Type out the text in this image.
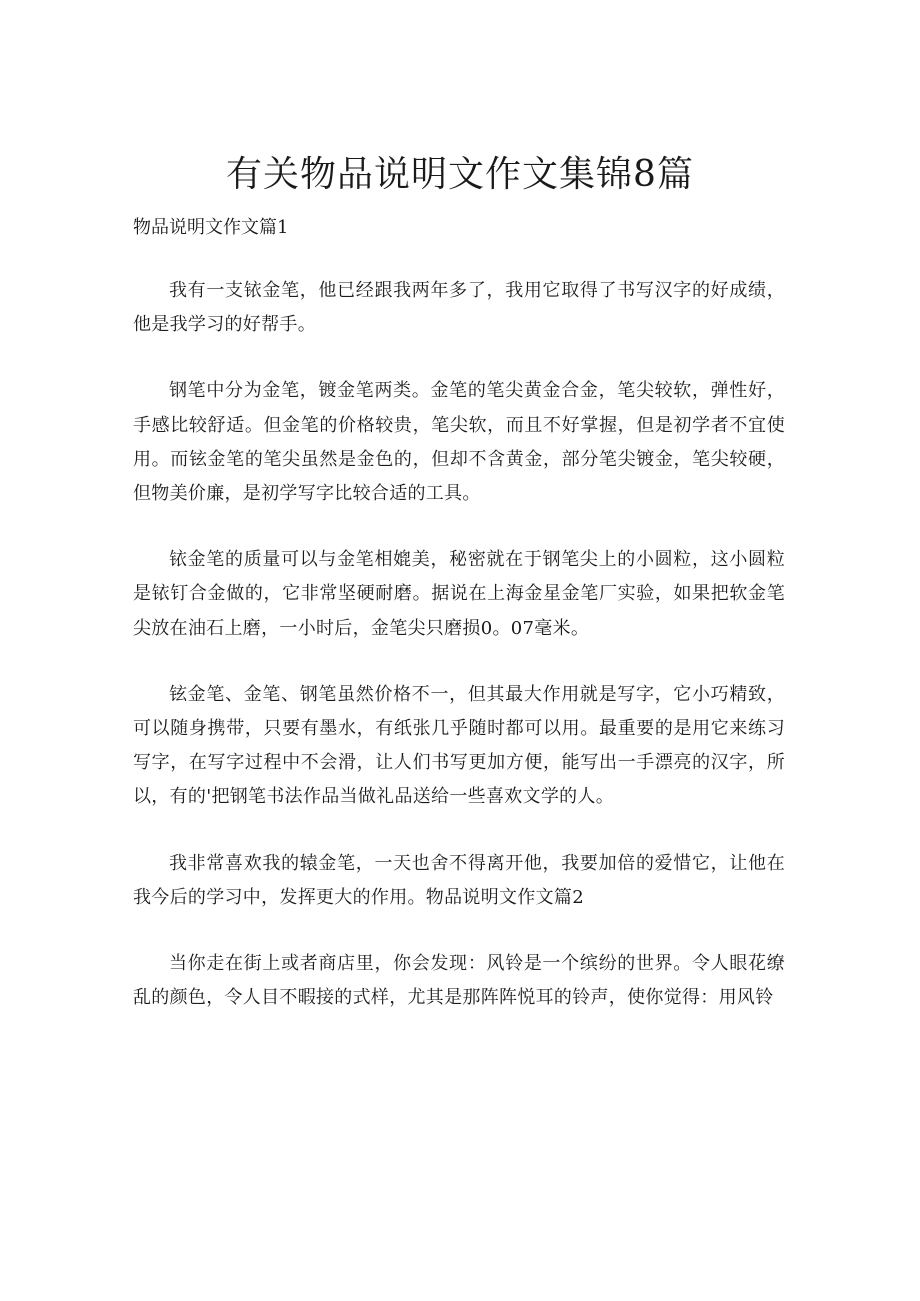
有关物品说明文作文集锦8篇
物品说明文作文篇1

我有一支铱金笔，他已经跟我两年多了，我用它取得了书写汉字的好成绩，他是我学习的好帮手。

钢笔中分为金笔，镀金笔两类。金笔的笔尖黄金合金，笔尖较软，弹性好，手感比较舒适。但金笔的价格较贵，笔尖软，而且不好掌握，但是初学者不宜使用。而铉金笔的笔尖虽然是金色的，但却不含黄金，部分笔尖镀金，笔尖较硬，但物美价廉，是初学写字比较合适的工具。

铱金笔的质量可以与金笔相媲美，秘密就在于钢笔尖上的小圆粒，这小圆粒是铱钉合金做的，它非常坚硬耐磨。据说在上海金星金笔厂实验，如果把软金笔尖放在油石上磨，一小时后，金笔尖只磨损0。07毫米。

铉金笔、金笔、钢笔虽然价格不一，但其最大作用就是写字，它小巧精致，可以随身携带，只要有墨水，有纸张几乎随时都可以用。最重要的是用它来练习写字，在写字过程中不会滑，让人们书写更加方便，能写出一手漂亮的汉字，所以，有的'把钢笔书法作品当做礼品送给一些喜欢文学的人。

我非常喜欢我的辕金笔，一天也舍不得离开他，我要加倍的爱惜它，让他在我今后的学习中，发挥更大的作用。物品说明文作文篇2

当你走在街上或者商店里，你会发现：风铃是一个缤纷的世界。令人眼花缭乱的颜色，令人目不暇接的式样，尤其是那阵阵悦耳的铃声，使你觉得：用风铃
